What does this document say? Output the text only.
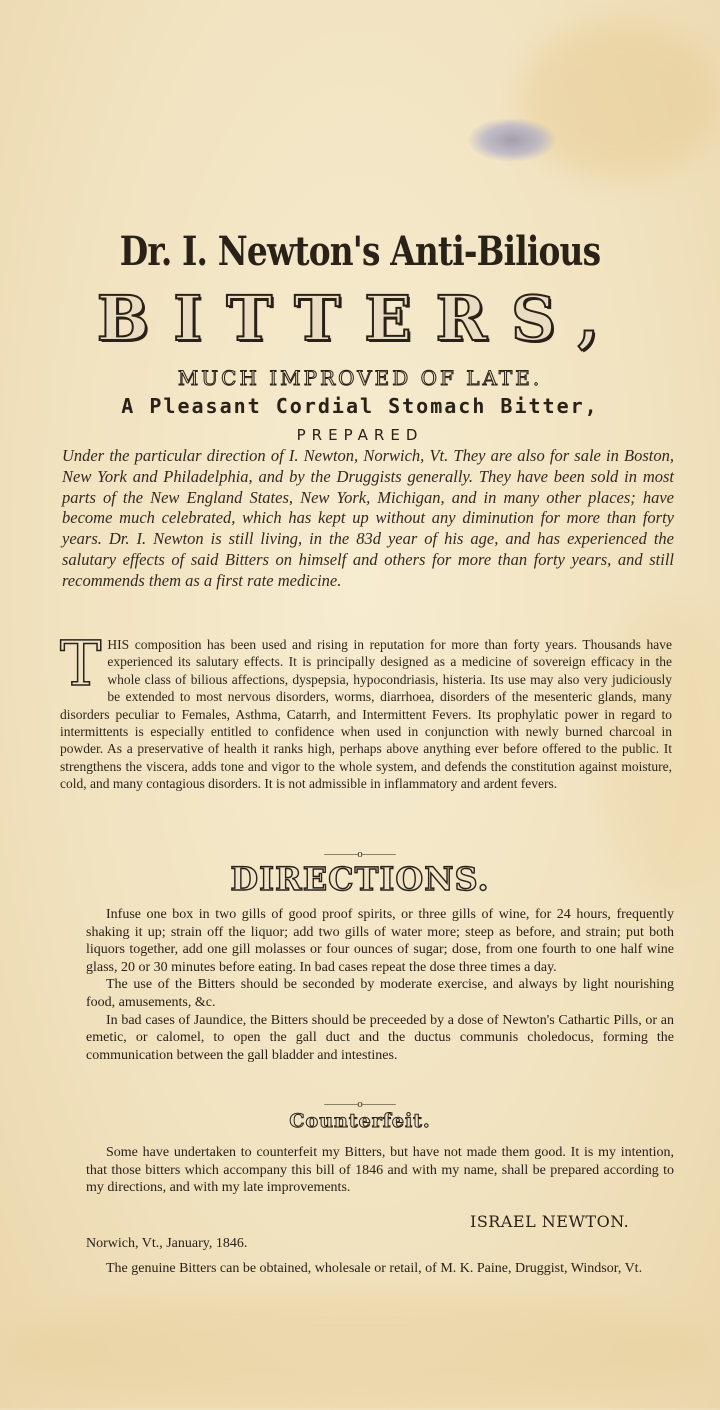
Dr. I. Newton's Anti-Bilious
BITTERS,
MUCH IMPROVED OF LATE.
A Pleasant Cordial Stomach Bitter,
PREPARED
Under the particular direction of I. Newton, Norwich, Vt. They are also for sale in Boston, New York and Philadelphia, and by the Druggists generally. They have been sold in most parts of the New England States, New York, Michigan, and in many other places; have become much celebrated, which has kept up without any diminution for more than forty years. Dr. I. Newton is still living, in the 83d year of his age, and has experienced the salutary effects of said Bitters on himself and others for more than forty years, and still recommends them as a first rate medicine.
THIS composition has been used and rising in reputation for more than forty years. Thousands have experienced its salutary effects. It is principally designed as a medicine of sovereign efficacy in the whole class of bilious affections, dyspepsia, hypocondriasis, histeria. Its use may also very judiciously be extended to most nervous disorders, worms, diarrhoea, disorders of the mesenteric glands, many disorders peculiar to Females, Asthma, Catarrh, and Intermittent Fevers. Its prophylatic power in regard to intermittents is especially entitled to confidence when used in conjunction with newly burned charcoal in powder. As a preservative of health it ranks high, perhaps above anything ever before offered to the public. It strengthens the viscera, adds tone and vigor to the whole system, and defends the constitution against moisture, cold, and many contagious disorders. It is not admissible in inflammatory and ardent fevers.
———o———
DIRECTIONS.

Infuse one box in two gills of good proof spirits, or three gills of wine, for 24 hours, frequently shaking it up; strain off the liquor; add two gills of water more; steep as before, and strain; put both liquors together, add one gill molasses or four ounces of sugar; dose, from one fourth to one half wine glass, 20 or 30 minutes before eating. In bad cases repeat the dose three times a day.

The use of the Bitters should be seconded by moderate exercise, and always by light nourishing food, amusements, &c.

In bad cases of Jaundice, the Bitters should be preceeded by a dose of Newton's Cathartic Pills, or an emetic, or calomel, to open the gall duct and the ductus communis choledocus, forming the communication between the gall bladder and intestines.

———o———
Counterfeit.

Some have undertaken to counterfeit my Bitters, but have not made them good. It is my intention, that those bitters which accompany this bill of 1846 and with my name, shall be prepared according to my directions, and with my late improvements.

ISRAEL NEWTON.
Norwich, Vt., January, 1846.
The genuine Bitters can be obtained, wholesale or retail, of M. K. Paine, Druggist, Windsor, Vt.
